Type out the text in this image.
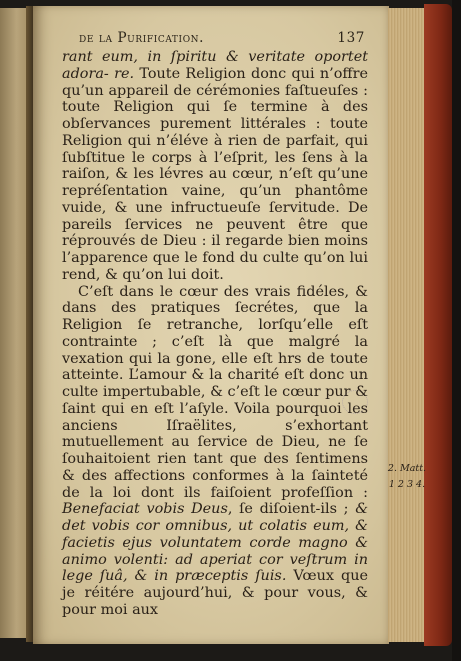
de la Purification.	137

rant eum, in ſpiritu & veritate oportet adora- re. Toute Religion donc qui n’offre qu’un appareil de cérémonies faſtueuſes : toute Religion qui ſe termine à des obſervances purement littérales : toute Religion qui n’éléve à rien de parfait, qui ſubſtitue le corps à l’eſprit, les ſens à la raiſon, & les lévres au cœur, n’eſt qu’une repréſentation vaine, qu’un phantôme vuide, & une infructueuſe ſervitude. De pareils ſervices ne peuvent être que réprouvés de Dieu : il regarde bien moins l’apparence que le fond du culte qu’on lui rend, & qu’on lui doit.

C’eſt dans le cœur des vrais fidéles, & dans des pratiques ſecrétes, que la Religion ſe retranche, lorſqu’elle eſt contrainte ; c’eſt là que malgré la vexation qui la gone, elle eſt hrs de toute atteinte. L’amour & la charité eſt donc un culte impertubable, & c’eſt le cœur pur & ſaint qui en eſt l’aſyle. Voila pourquoi les anciens Iſraëlites, s’exhortant mutuellement au ſervice de Dieu, ne ſe ſouhaitoient rien tant que des ſentimens & des affections conformes à la ſainteté de la loi dont ils faiſoient profeſſion : Benefaciat vobis Deus, ſe diſoient-ils ; & det vobis cor omnibus, ut colatis eum, & facietis ejus voluntatem corde magno & animo volenti: ad aperiat cor veſtrum in lege ſuâ, & in præceptis ſuis. Vœux que je réitére aujourd’hui, & pour vous, & pour moi aux

2. Matt.
1 2 3 4.
